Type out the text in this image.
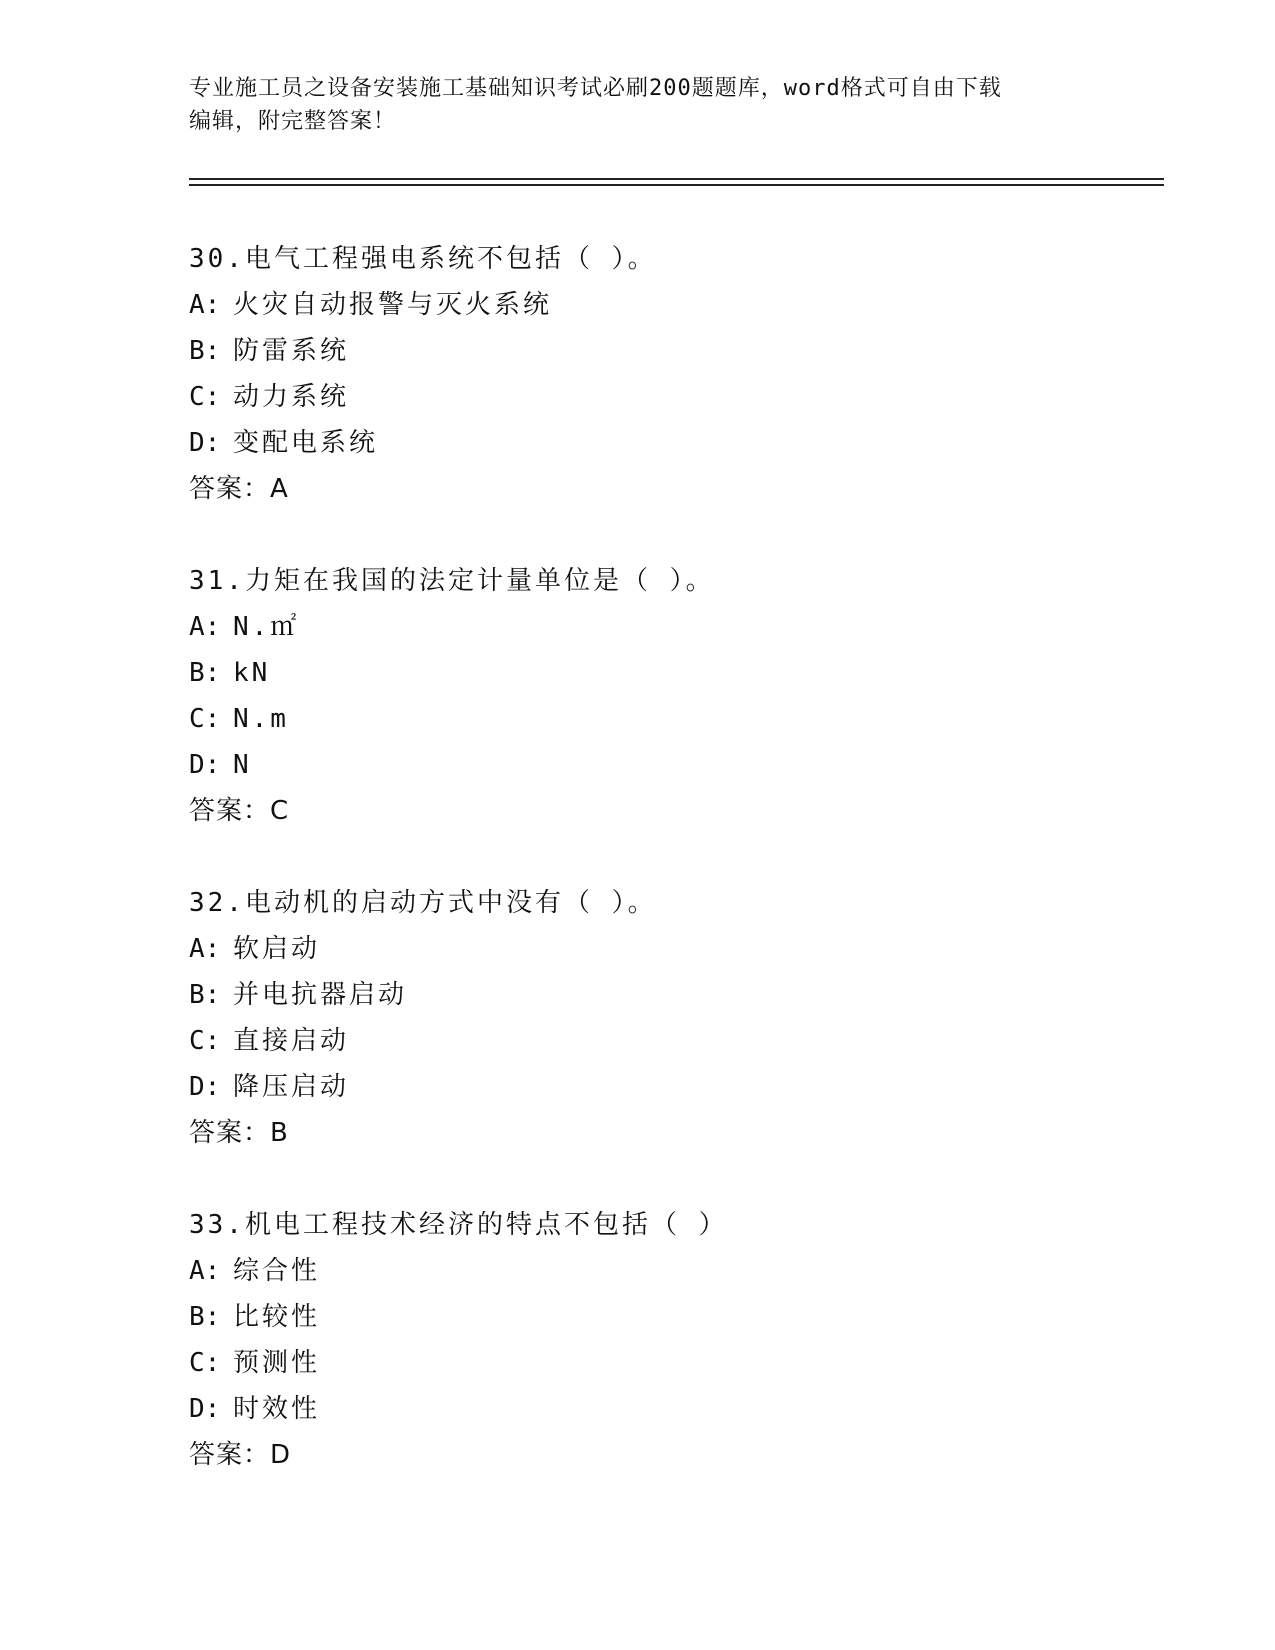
专业施工员之设备安装施工基础知识考试必刷200题题库，word格式可自由下载
编辑，附完整答案！
30.电气工程强电系统不包括（ ）。
A: 火灾自动报警与灭火系统
B: 防雷系统
C: 动力系统
D: 变配电系统
答案：A
31.力矩在我国的法定计量单位是（ ）。
A: N.㎡
B: kN
C: N.m
D: N
答案：C
32.电动机的启动方式中没有（ ）。
A: 软启动
B: 并电抗器启动
C: 直接启动
D: 降压启动
答案：B
33.机电工程技术经济的特点不包括（ ）
A: 综合性
B: 比较性
C: 预测性
D: 时效性
答案：D
